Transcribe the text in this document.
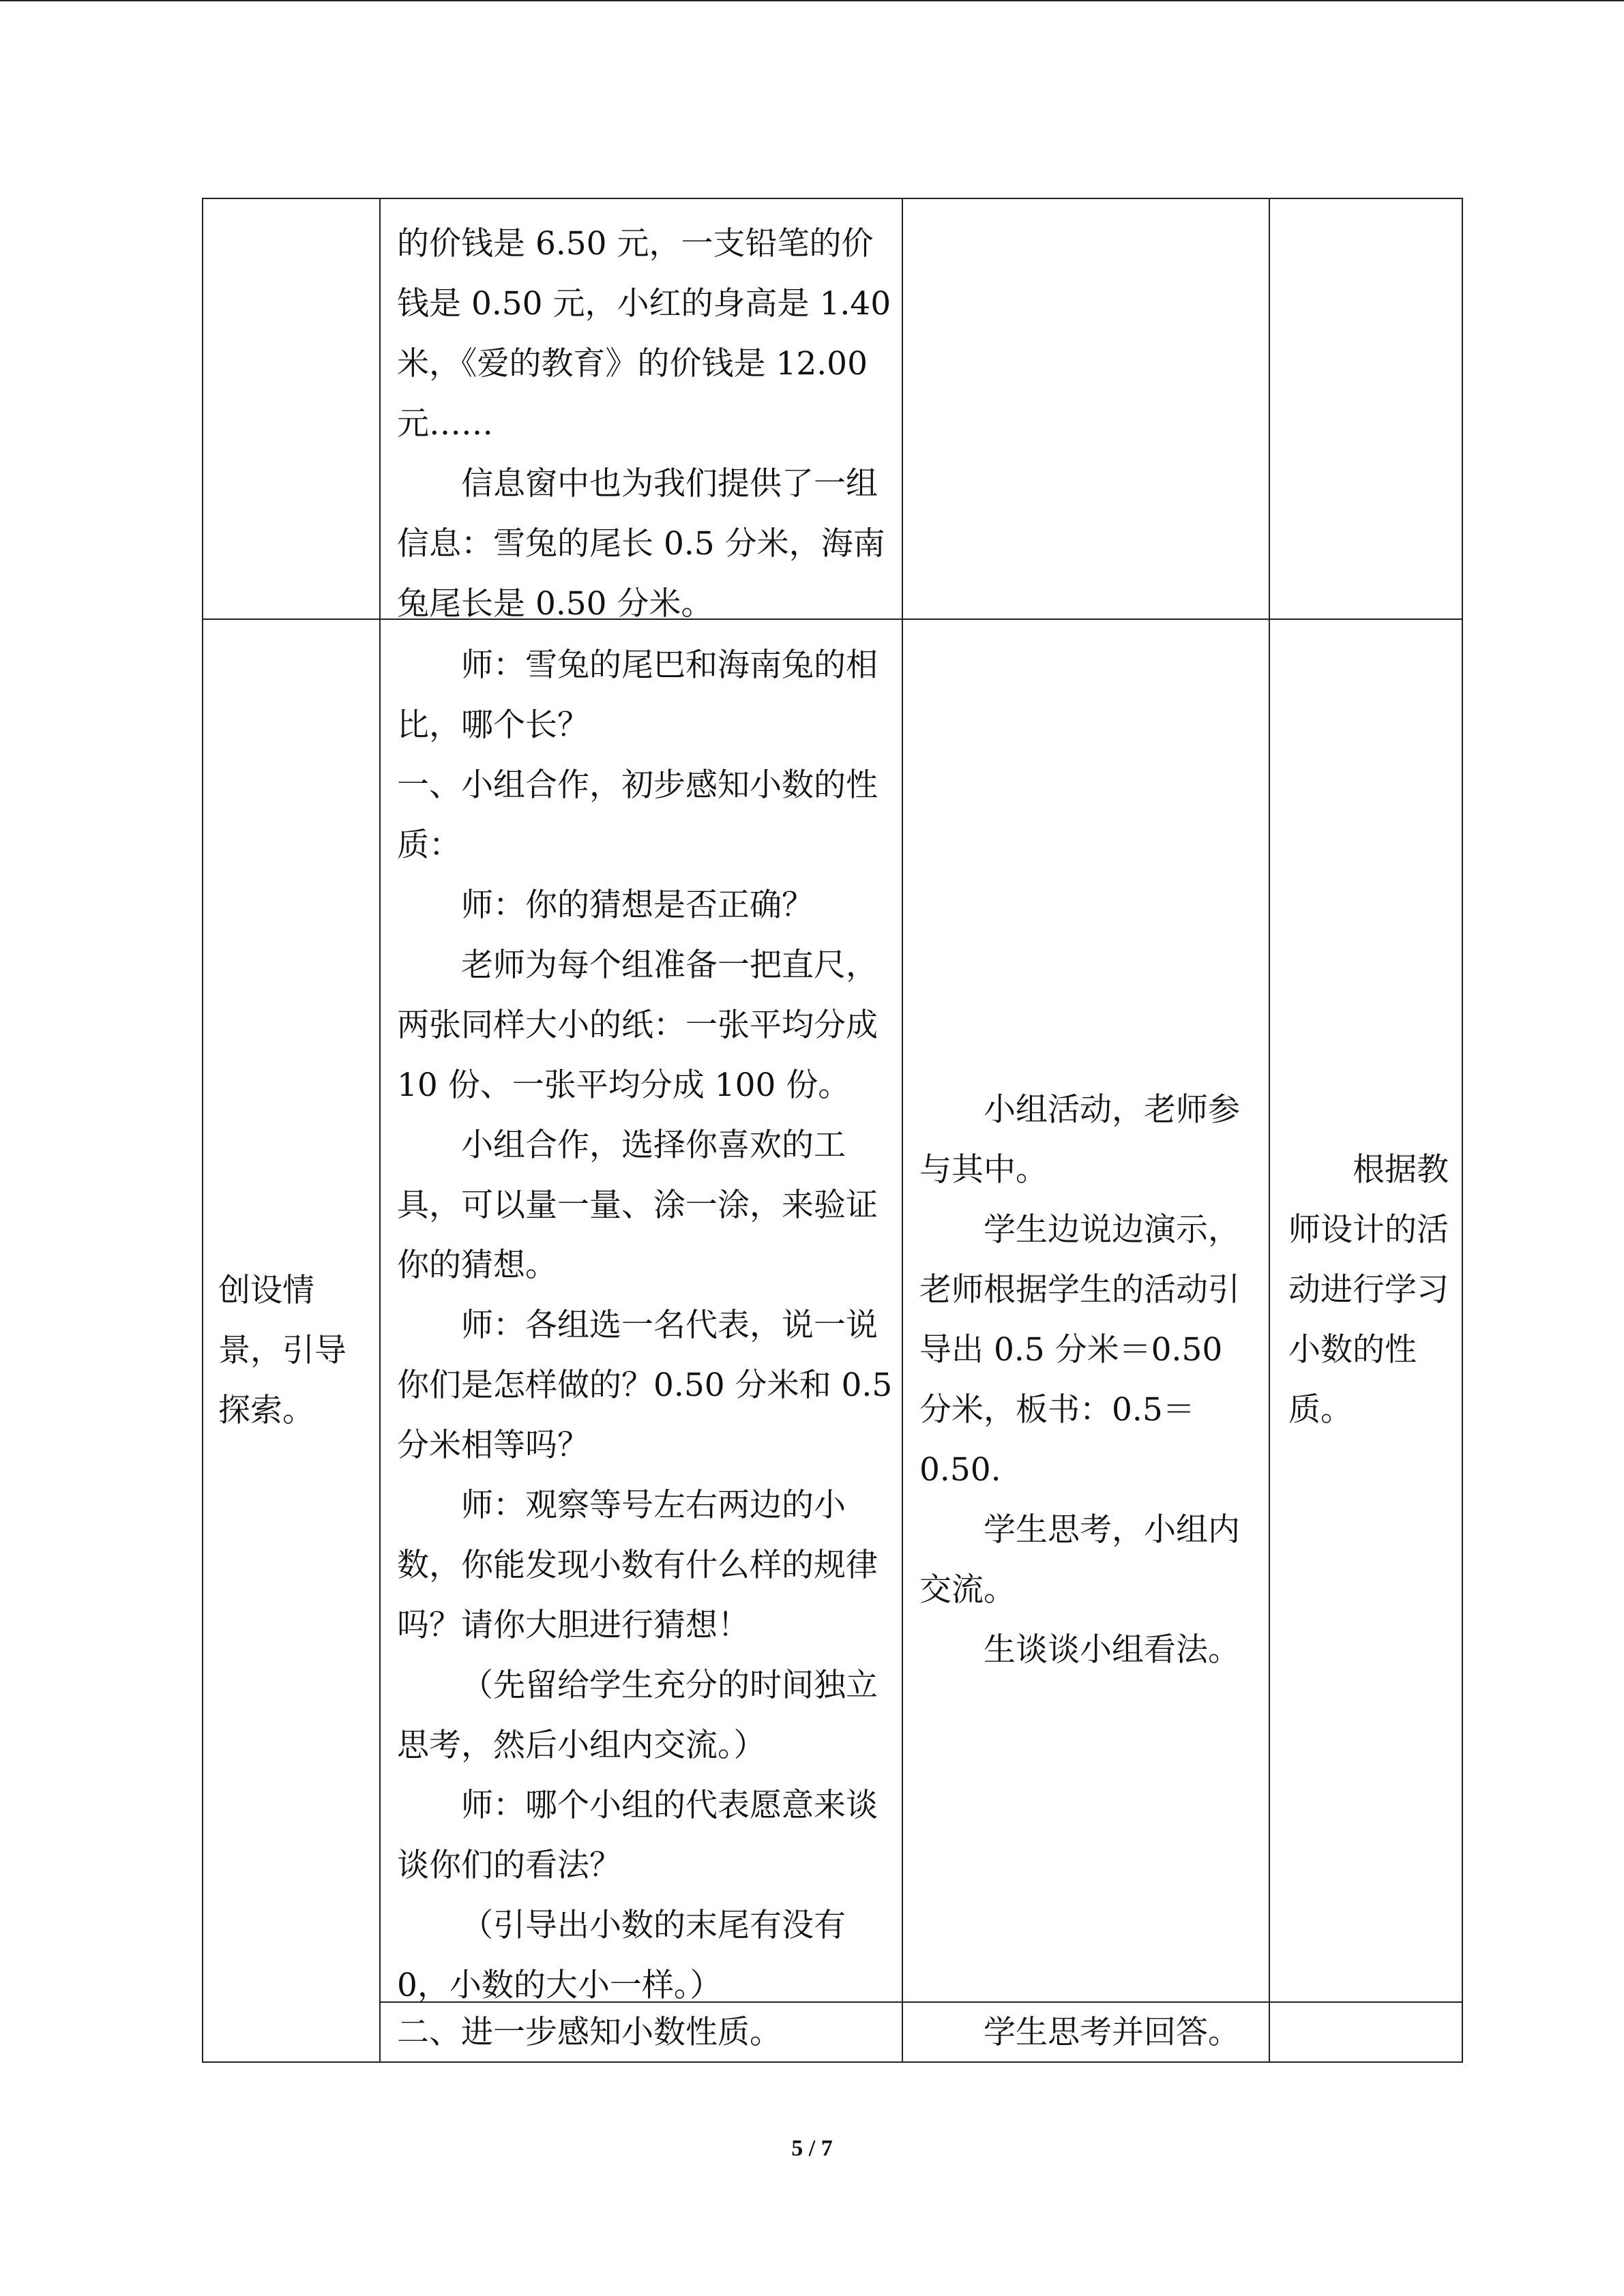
的价钱是 6.50 元，一支铅笔的价钱是 0.50 元，小红的身高是 1.40 米，《爱的教育》的价钱是 12.00 元……

信息窗中也为我们提供了一组信息：雪兔的尾长 0.5 分米，海南兔尾长是 0.50 分米。

创设情景，引导探索。

师：雪兔的尾巴和海南兔的相比，哪个长？

一、小组合作，初步感知小数的性质：

师：你的猜想是否正确？

老师为每个组准备一把直尺，两张同样大小的纸：一张平均分成 10 份、一张平均分成 100 份。

小组合作，选择你喜欢的工具，可以量一量、涂一涂，来验证你的猜想。

师：各组选一名代表，说一说你们是怎样做的？0.50 分米和 0.5 分米相等吗？

师：观察等号左右两边的小数，你能发现小数有什么样的规律吗？请你大胆进行猜想！

（先留给学生充分的时间独立思考，然后小组内交流。）

师：哪个小组的代表愿意来谈谈你们的看法？

（引导出小数的末尾有没有 0，小数的大小一样。）

小组活动，老师参与其中。

学生边说边演示，老师根据学生的活动引导出 0.5 分米＝0.50 分米，板书：0.5＝0.50.

学生思考，小组内交流。

生谈谈小组看法。

根据教师设计的活动进行学习小数的性质。

二、进一步感知小数性质。	学生思考并回答。

5 / 7
